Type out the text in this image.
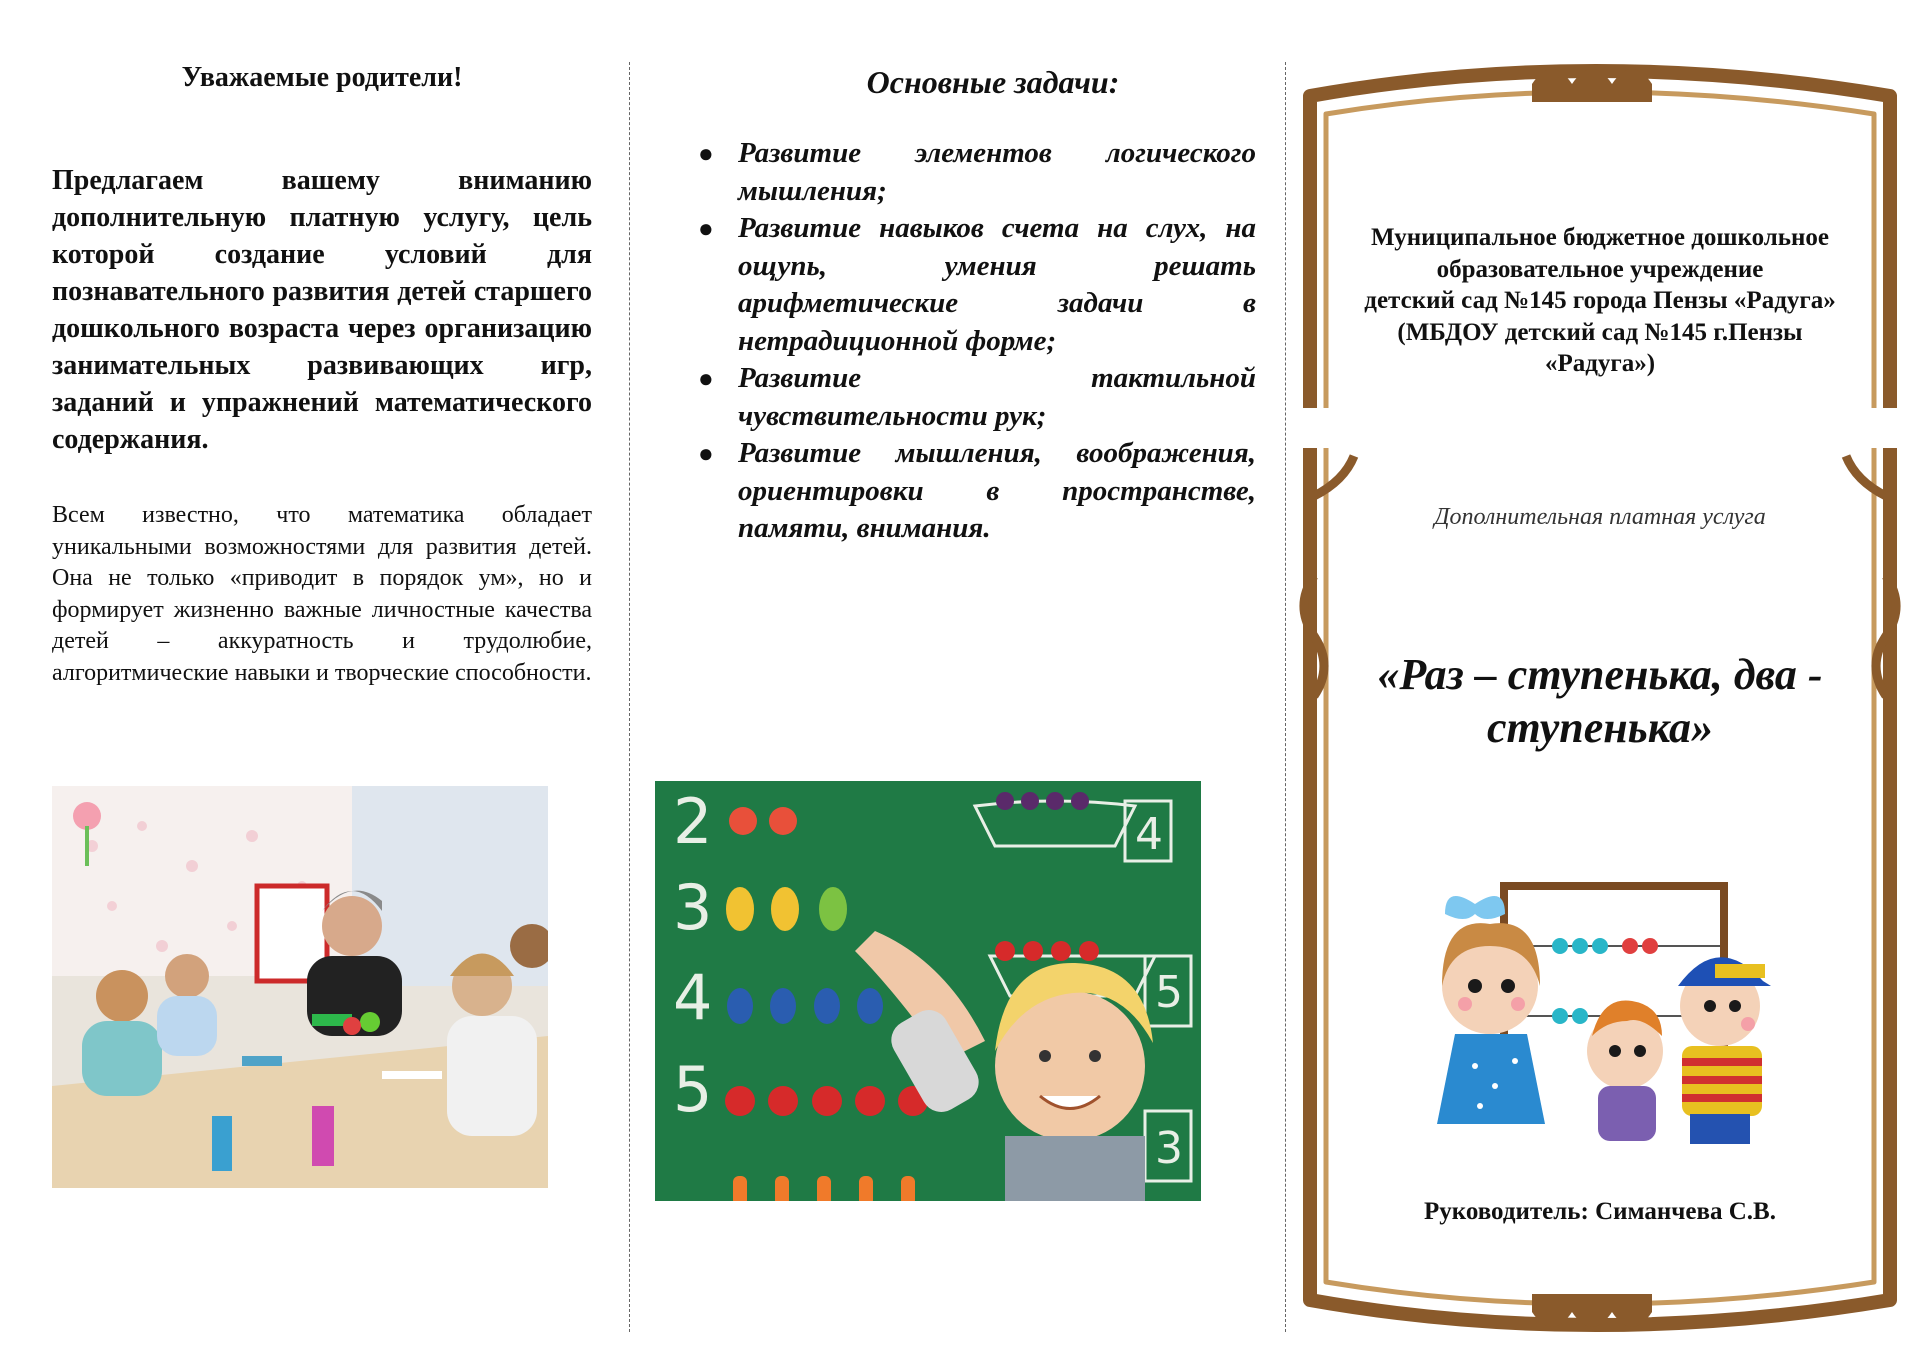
Уважаемые родители!

Предлагаем вашему вниманию дополнительную платную услугу, цель которой создание условий для познавательного развития детей старшего дошкольного возраста через организацию занимательных развивающих игр, заданий и упражнений математического содержания.

Всем известно, что математика обладает уникальными возможностями для развития детей. Она не только «приводит в порядок ум», но и формирует жизненно важные личностные качества детей – аккуратность и трудолюбие, алгоритмические навыки и творческие способности.

Основные задачи:
● Развитие элементов логического мышления;
● Развитие навыков счета на слух, на ощупь, умения решать арифметические задачи в нетрадиционной форме;
● Развитие тактильной чувствительности рук;
● Развитие мышления, воображения, ориентировки в пространстве, памяти, внимания.
2
3
4
5
4
5
3
Муниципальное бюджетное дошкольное
образовательное учреждение
детский сад №145 города Пензы «Радуга»
(МБДОУ детский сад №145 г.Пензы
«Радуга»)
Дополнительная платная услуга
«Раз – ступенька, два -
ступенька»
Руководитель: Симанчева С.В.
